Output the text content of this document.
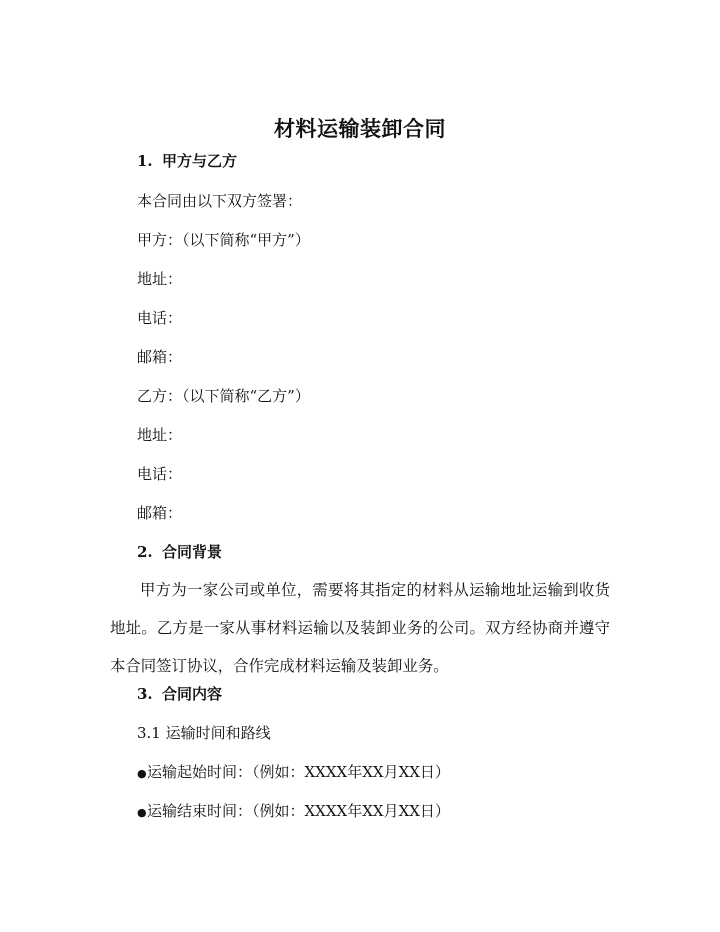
材料运输装卸合同
1. 甲方与乙方
本合同由以下双方签署：
甲方：（以下简称“甲方”）
地址：
电话：
邮箱：
乙方：（以下简称“乙方”）
地址：
电话：
邮箱：
2. 合同背景
甲方为一家公司或单位，需要将其指定的材料从运输地址运输到收货地址。乙方是一家从事材料运输以及装卸业务的公司。双方经协商并遵守本合同签订协议，合作完成材料运输及装卸业务。
3. 合同内容
3.1 运输时间和路线
●运输起始时间：（例如：XXXX年XX月XX日）
●运输结束时间：（例如：XXXX年XX月XX日）
